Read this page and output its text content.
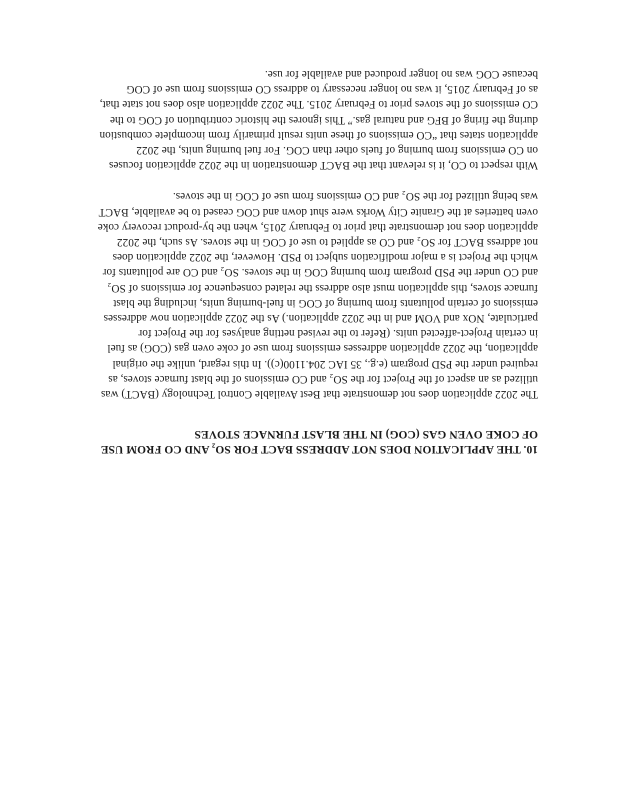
10. THE APPLICATION DOES NOT ADDRESS BACT FOR SO₂ AND CO FROM USE
OF COKE OVEN GAS (COG) IN THE BLAST FURNACE STOVES
The 2022 application does not demonstrate that Best Available Control Technology (BACT) was
utilized as an aspect of the Project for the SO₂ and CO emissions of the blast furnace stoves, as
required under the PSD program (e.g., 35 IAC 204.1100(c)). In this regard, unlike the original
application, the 2022 application addresses emissions from use of coke oven gas (COG) as fuel
in certain Project-affected units. (Refer to the revised netting analyses for the Project for
particulate, NOx and VOM and in the 2022 application.) As the 2022 application now addresses
emissions of certain pollutants from burning of COG in fuel-burning units, including the blast
furnace stoves, this application must also address the related consequence for emissions of SO₂
and CO under the PSD program from burning COG in the stoves. SO₂ and CO are pollutants for
which the Project is a major modification subject to PSD. However, the 2022 application does
not address BACT for SO₂ and CO as applied to use of COG in the stoves. As such, the 2022
application does not demonstrate that prior to February 2015, when the by-product recovery coke
oven batteries at the Granite City Works were shut down and COG ceased to be available, BACT
was being utilized for the SO₂ and CO emissions from use of COG in the stoves.
With respect to CO, it is relevant that the BACT demonstration in the 2022 application focuses
on CO emissions from burning of fuels other than COG. For fuel burning units, the 2022
application states that “CO emissions of these units result primarily from incomplete combustion
during the firing of BFG and natural gas.” This ignores the historic contribution of COG to the
CO emissions of the stoves prior to February 2015. The 2022 application also does not state that,
as of February 2015, it was no longer necessary to address CO emissions from use of COG
because COG was no longer produced and available for use.
